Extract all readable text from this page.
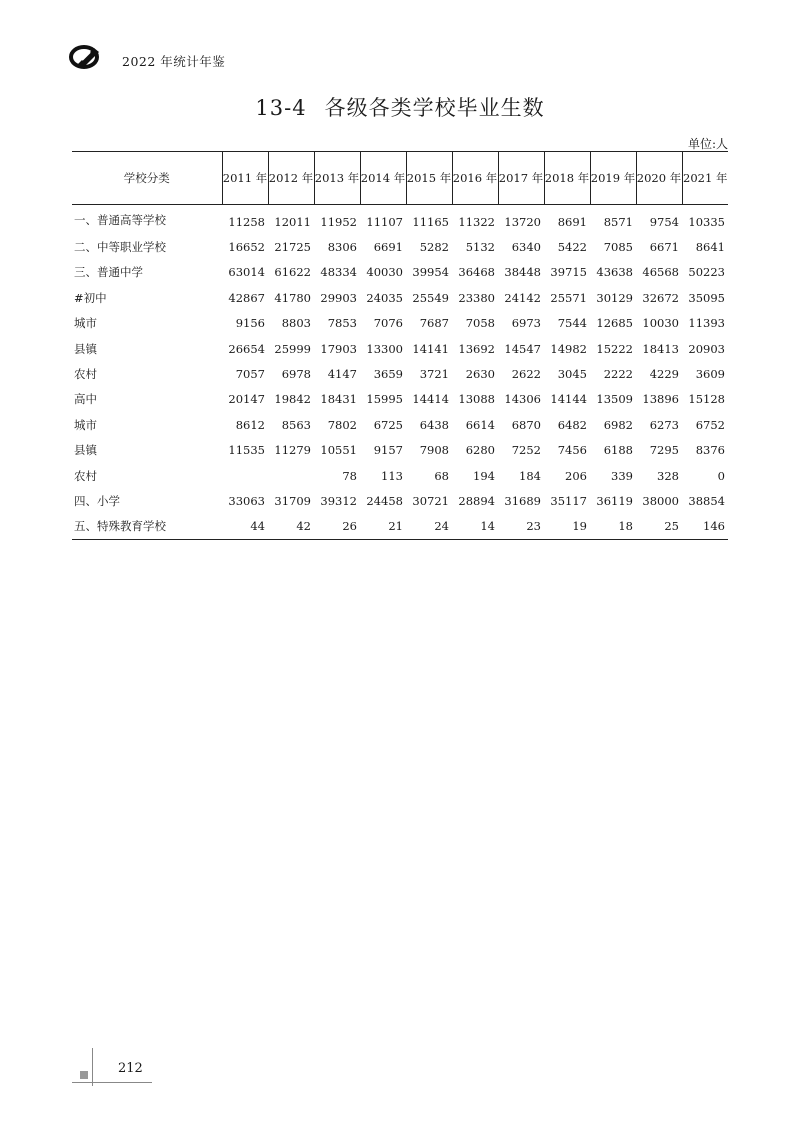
2022 年统计年鉴
13-4 各级各类学校毕业生数
单位:人
学校分类	2011 年	2012 年	2013 年	2014 年	2015 年	2016 年	2017 年	2018 年	2019 年	2020 年	2021 年
一、普通高等学校	11258	12011	11952	11107	11165	11322	13720	8691	8571	9754	10335
二、中等职业学校	16652	21725	8306	6691	5282	5132	6340	5422	7085	6671	8641
三、普通中学	63014	61622	48334	40030	39954	36468	38448	39715	43638	46568	50223
#初中	42867	41780	29903	24035	25549	23380	24142	25571	30129	32672	35095
城市	9156	8803	7853	7076	7687	7058	6973	7544	12685	10030	11393
县镇	26654	25999	17903	13300	14141	13692	14547	14982	15222	18413	20903
农村	7057	6978	4147	3659	3721	2630	2622	3045	2222	4229	3609
高中	20147	19842	18431	15995	14414	13088	14306	14144	13509	13896	15128
城市	8612	8563	7802	6725	6438	6614	6870	6482	6982	6273	6752
县镇	11535	11279	10551	9157	7908	6280	7252	7456	6188	7295	8376
农村			78	113	68	194	184	206	339	328	0
四、小学	33063	31709	39312	24458	30721	28894	31689	35117	36119	38000	38854
五、特殊教育学校	44	42	26	21	24	14	23	19	18	25	146
212
